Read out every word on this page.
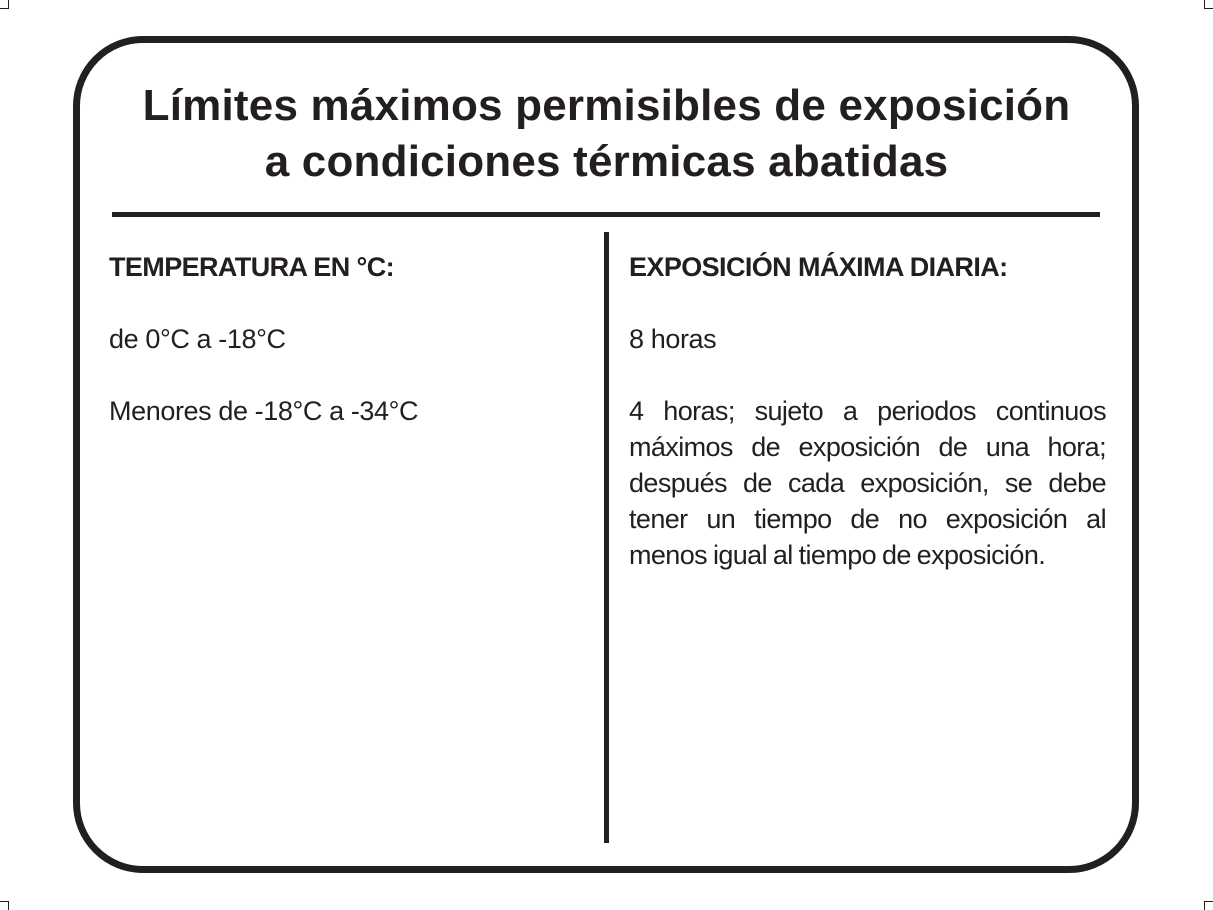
Límites máximos permisibles de exposición
a condiciones térmicas abatidas
TEMPERATURA EN °C:
de 0°C a -18°C
Menores de -18°C a -34°C
EXPOSICIÓN MÁXIMA DIARIA:
8 horas
4 horas; sujeto a periodos continuos máximos de exposición de una hora; después de cada exposición, se debe tener un tiempo de no exposición al menos igual al tiempo de exposición.
